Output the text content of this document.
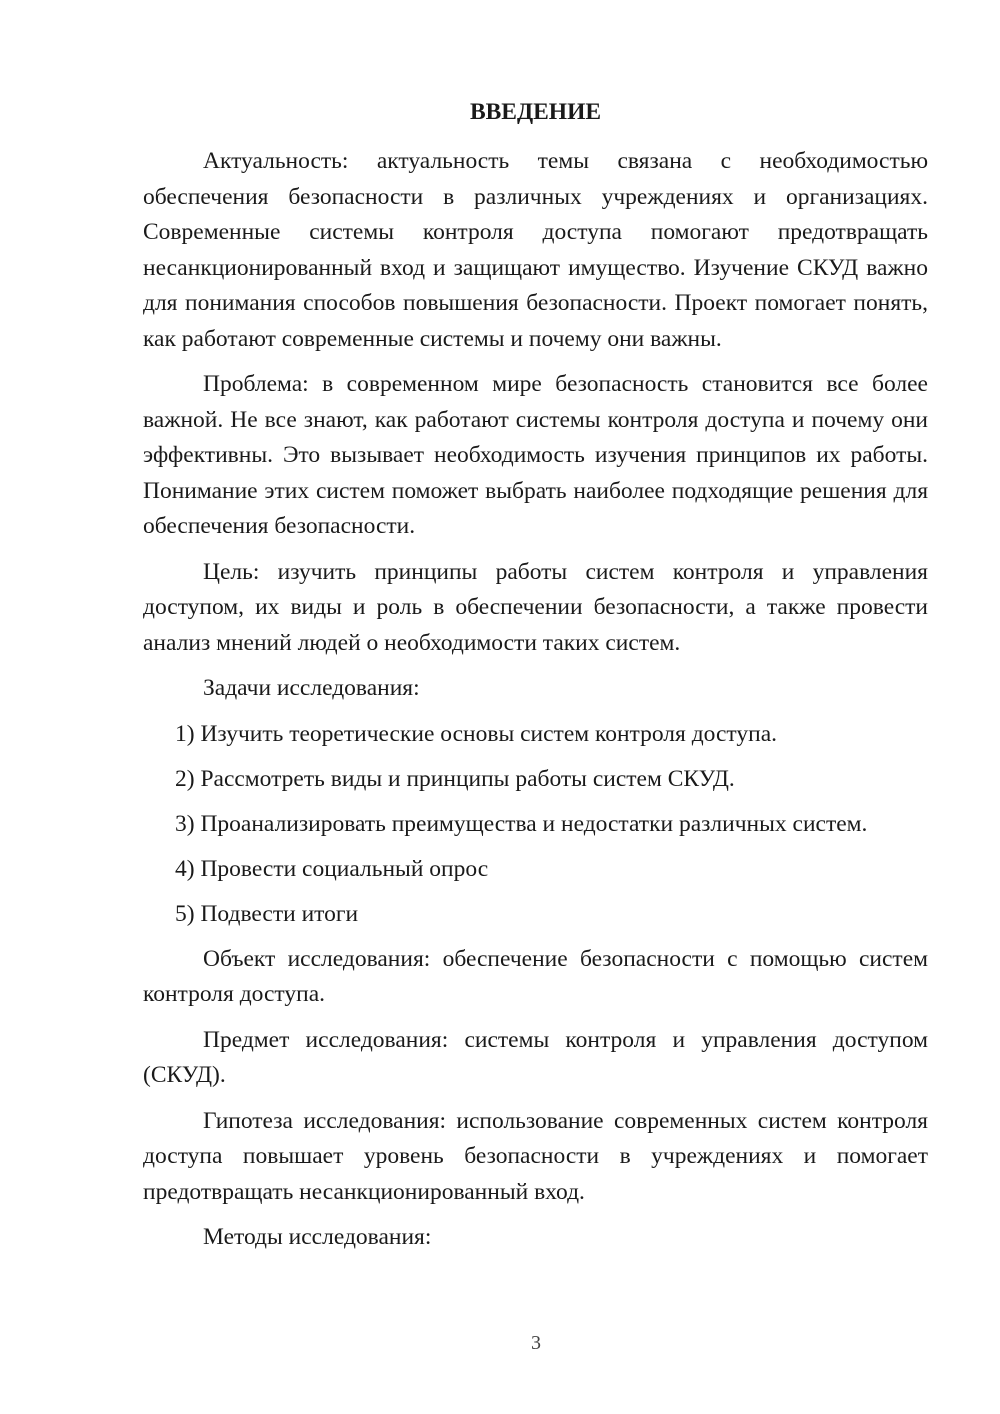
ВВЕДЕНИЕ
Актуальность: актуальность темы связана с необходимостью обеспечения безопасности в различных учреждениях и организациях. Современные системы контроля доступа помогают предотвращать несанкционированный вход и защищают имущество. Изучение СКУД важно для понимания способов повышения безопасности. Проект помогает понять, как работают современные системы и почему они важны.
Проблема: в современном мире безопасность становится все более важной. Не все знают, как работают системы контроля доступа и почему они эффективны. Это вызывает необходимость изучения принципов их работы. Понимание этих систем поможет выбрать наиболее подходящие решения для обеспечения безопасности.
Цель: изучить принципы работы систем контроля и управления доступом, их виды и роль в обеспечении безопасности, а также провести анализ мнений людей о необходимости таких систем.
Задачи исследования:
1) Изучить теоретические основы систем контроля доступа.
2) Рассмотреть виды и принципы работы систем СКУД.
3) Проанализировать преимущества и недостатки различных систем.
4) Провести социальный опрос
5) Подвести итоги
Объект исследования: обеспечение безопасности с помощью систем контроля доступа.
Предмет исследования: системы контроля и управления доступом (СКУД).
Гипотеза исследования: использование современных систем контроля доступа повышает уровень безопасности в учреждениях и помогает предотвращать несанкционированный вход.
Методы исследования:
3
